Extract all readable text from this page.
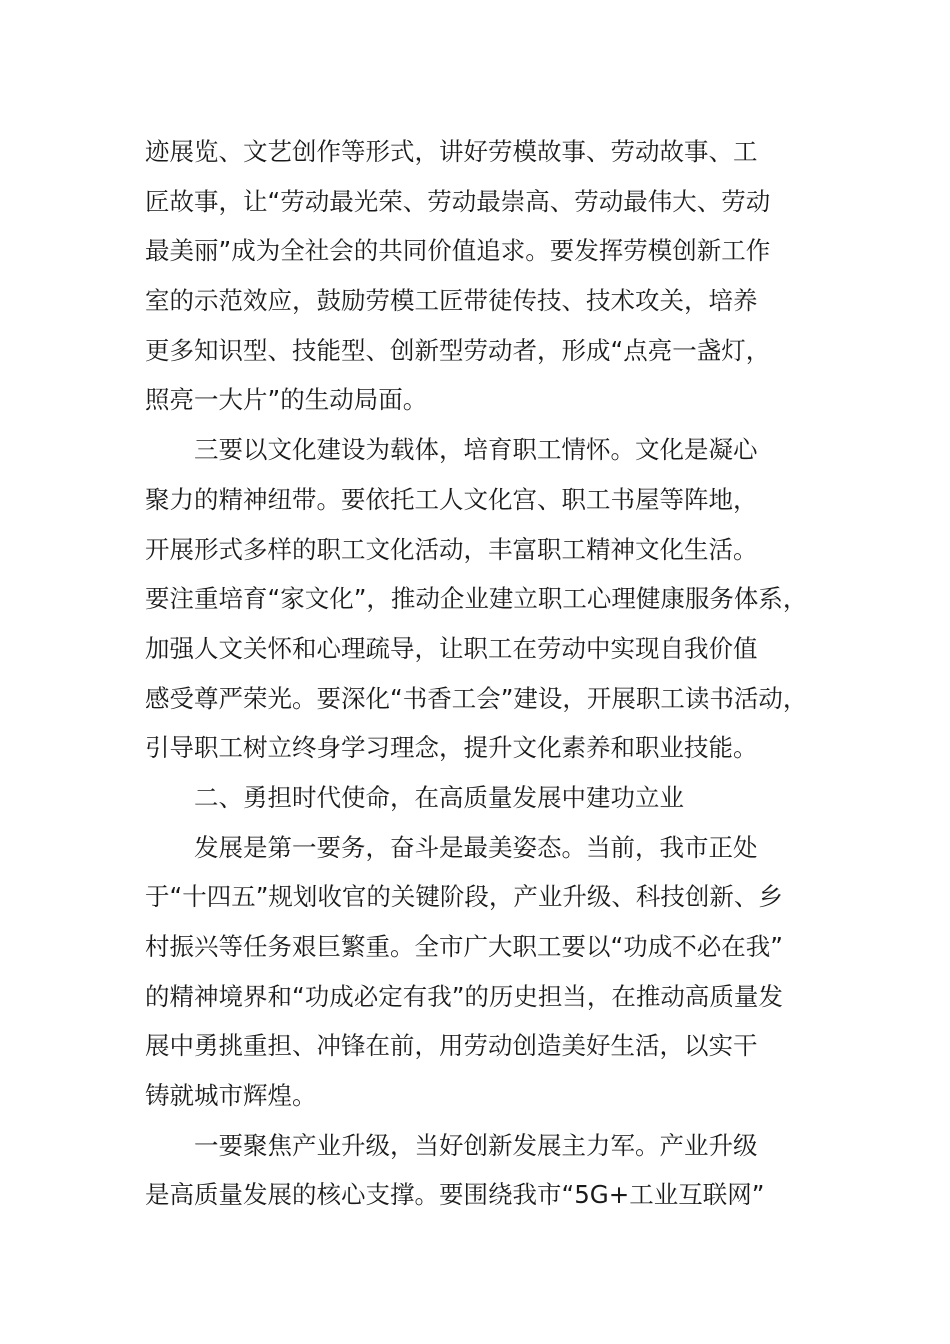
迹展览、文艺创作等形式，讲好劳模故事、劳动故事、工
匠故事，让“劳动最光荣、劳动最崇高、劳动最伟大、劳动
最美丽”成为全社会的共同价值追求。要发挥劳模创新工作
室的示范效应，鼓励劳模工匠带徒传技、技术攻关，培养
更多知识型、技能型、创新型劳动者，形成“点亮一盏灯，
照亮一大片”的生动局面。
三要以文化建设为载体，培育职工情怀。文化是凝心
聚力的精神纽带。要依托工人文化宫、职工书屋等阵地，
开展形式多样的职工文化活动，丰富职工精神文化生活。
要注重培育“家文化”，推动企业建立职工心理健康服务体系，
加强人文关怀和心理疏导，让职工在劳动中实现自我价值
感受尊严荣光。要深化“书香工会”建设，开展职工读书活动，
引导职工树立终身学习理念，提升文化素养和职业技能。
二、勇担时代使命，在高质量发展中建功立业
发展是第一要务，奋斗是最美姿态。当前，我市正处
于“十四五”规划收官的关键阶段，产业升级、科技创新、乡
村振兴等任务艰巨繁重。全市广大职工要以“功成不必在我”
的精神境界和“功成必定有我”的历史担当，在推动高质量发
展中勇挑重担、冲锋在前，用劳动创造美好生活，以实干
铸就城市辉煌。
一要聚焦产业升级，当好创新发展主力军。产业升级
是高质量发展的核心支撑。要围绕我市“5G+工业互联网”
